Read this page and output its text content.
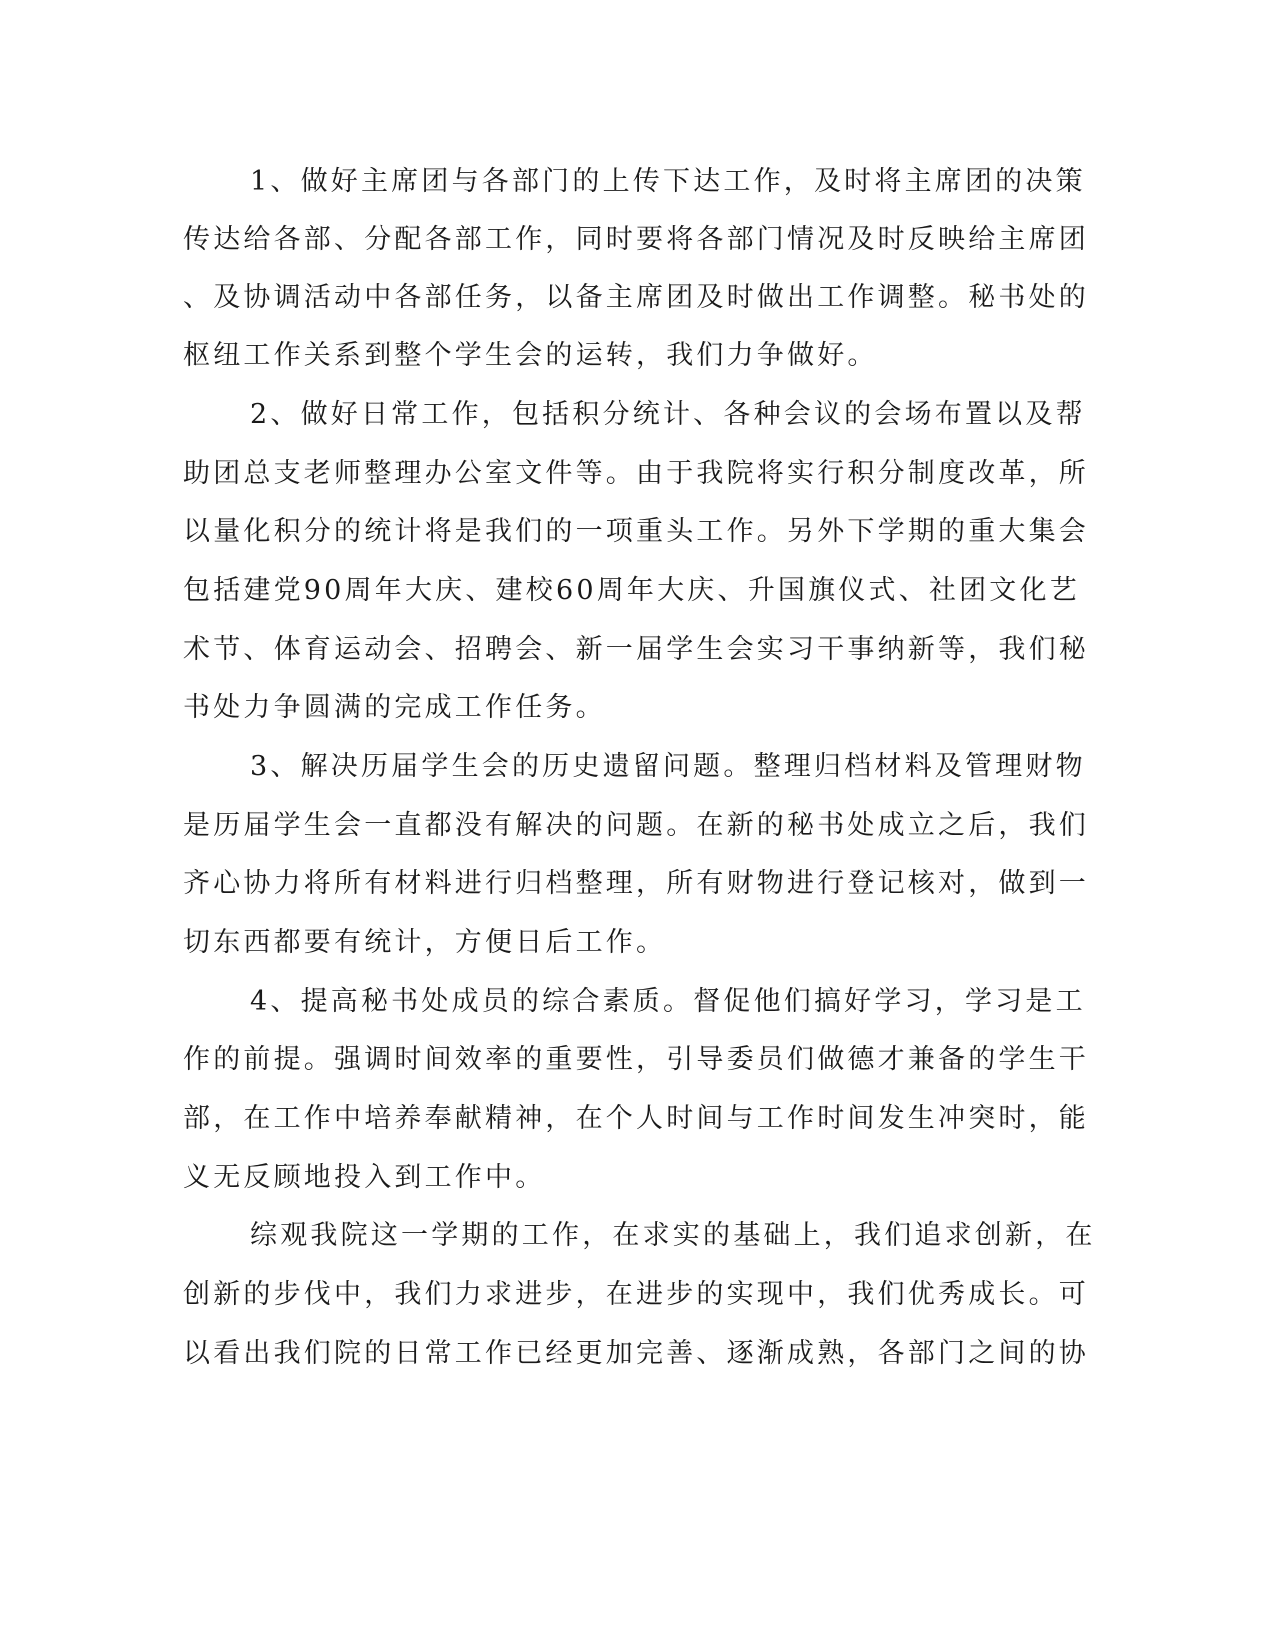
1、做好主席团与各部门的上传下达工作，及时将主席团的决策
传达给各部、分配各部工作，同时要将各部门情况及时反映给主席团
、及协调活动中各部任务，以备主席团及时做出工作调整。秘书处的
枢纽工作关系到整个学生会的运转，我们力争做好。
2、做好日常工作，包括积分统计、各种会议的会场布置以及帮
助团总支老师整理办公室文件等。由于我院将实行积分制度改革，所
以量化积分的统计将是我们的一项重头工作。另外下学期的重大集会
包括建党90周年大庆、建校60周年大庆、升国旗仪式、社团文化艺
术节、体育运动会、招聘会、新一届学生会实习干事纳新等，我们秘
书处力争圆满的完成工作任务。
3、解决历届学生会的历史遗留问题。整理归档材料及管理财物
是历届学生会一直都没有解决的问题。在新的秘书处成立之后，我们
齐心协力将所有材料进行归档整理，所有财物进行登记核对，做到一
切东西都要有统计，方便日后工作。
4、提高秘书处成员的综合素质。督促他们搞好学习，学习是工
作的前提。强调时间效率的重要性，引导委员们做德才兼备的学生干
部，在工作中培养奉献精神，在个人时间与工作时间发生冲突时，能
义无反顾地投入到工作中。
综观我院这一学期的工作，在求实的基础上，我们追求创新，在
创新的步伐中，我们力求进步，在进步的实现中，我们优秀成长。可
以看出我们院的日常工作已经更加完善、逐渐成熟，各部门之间的协
